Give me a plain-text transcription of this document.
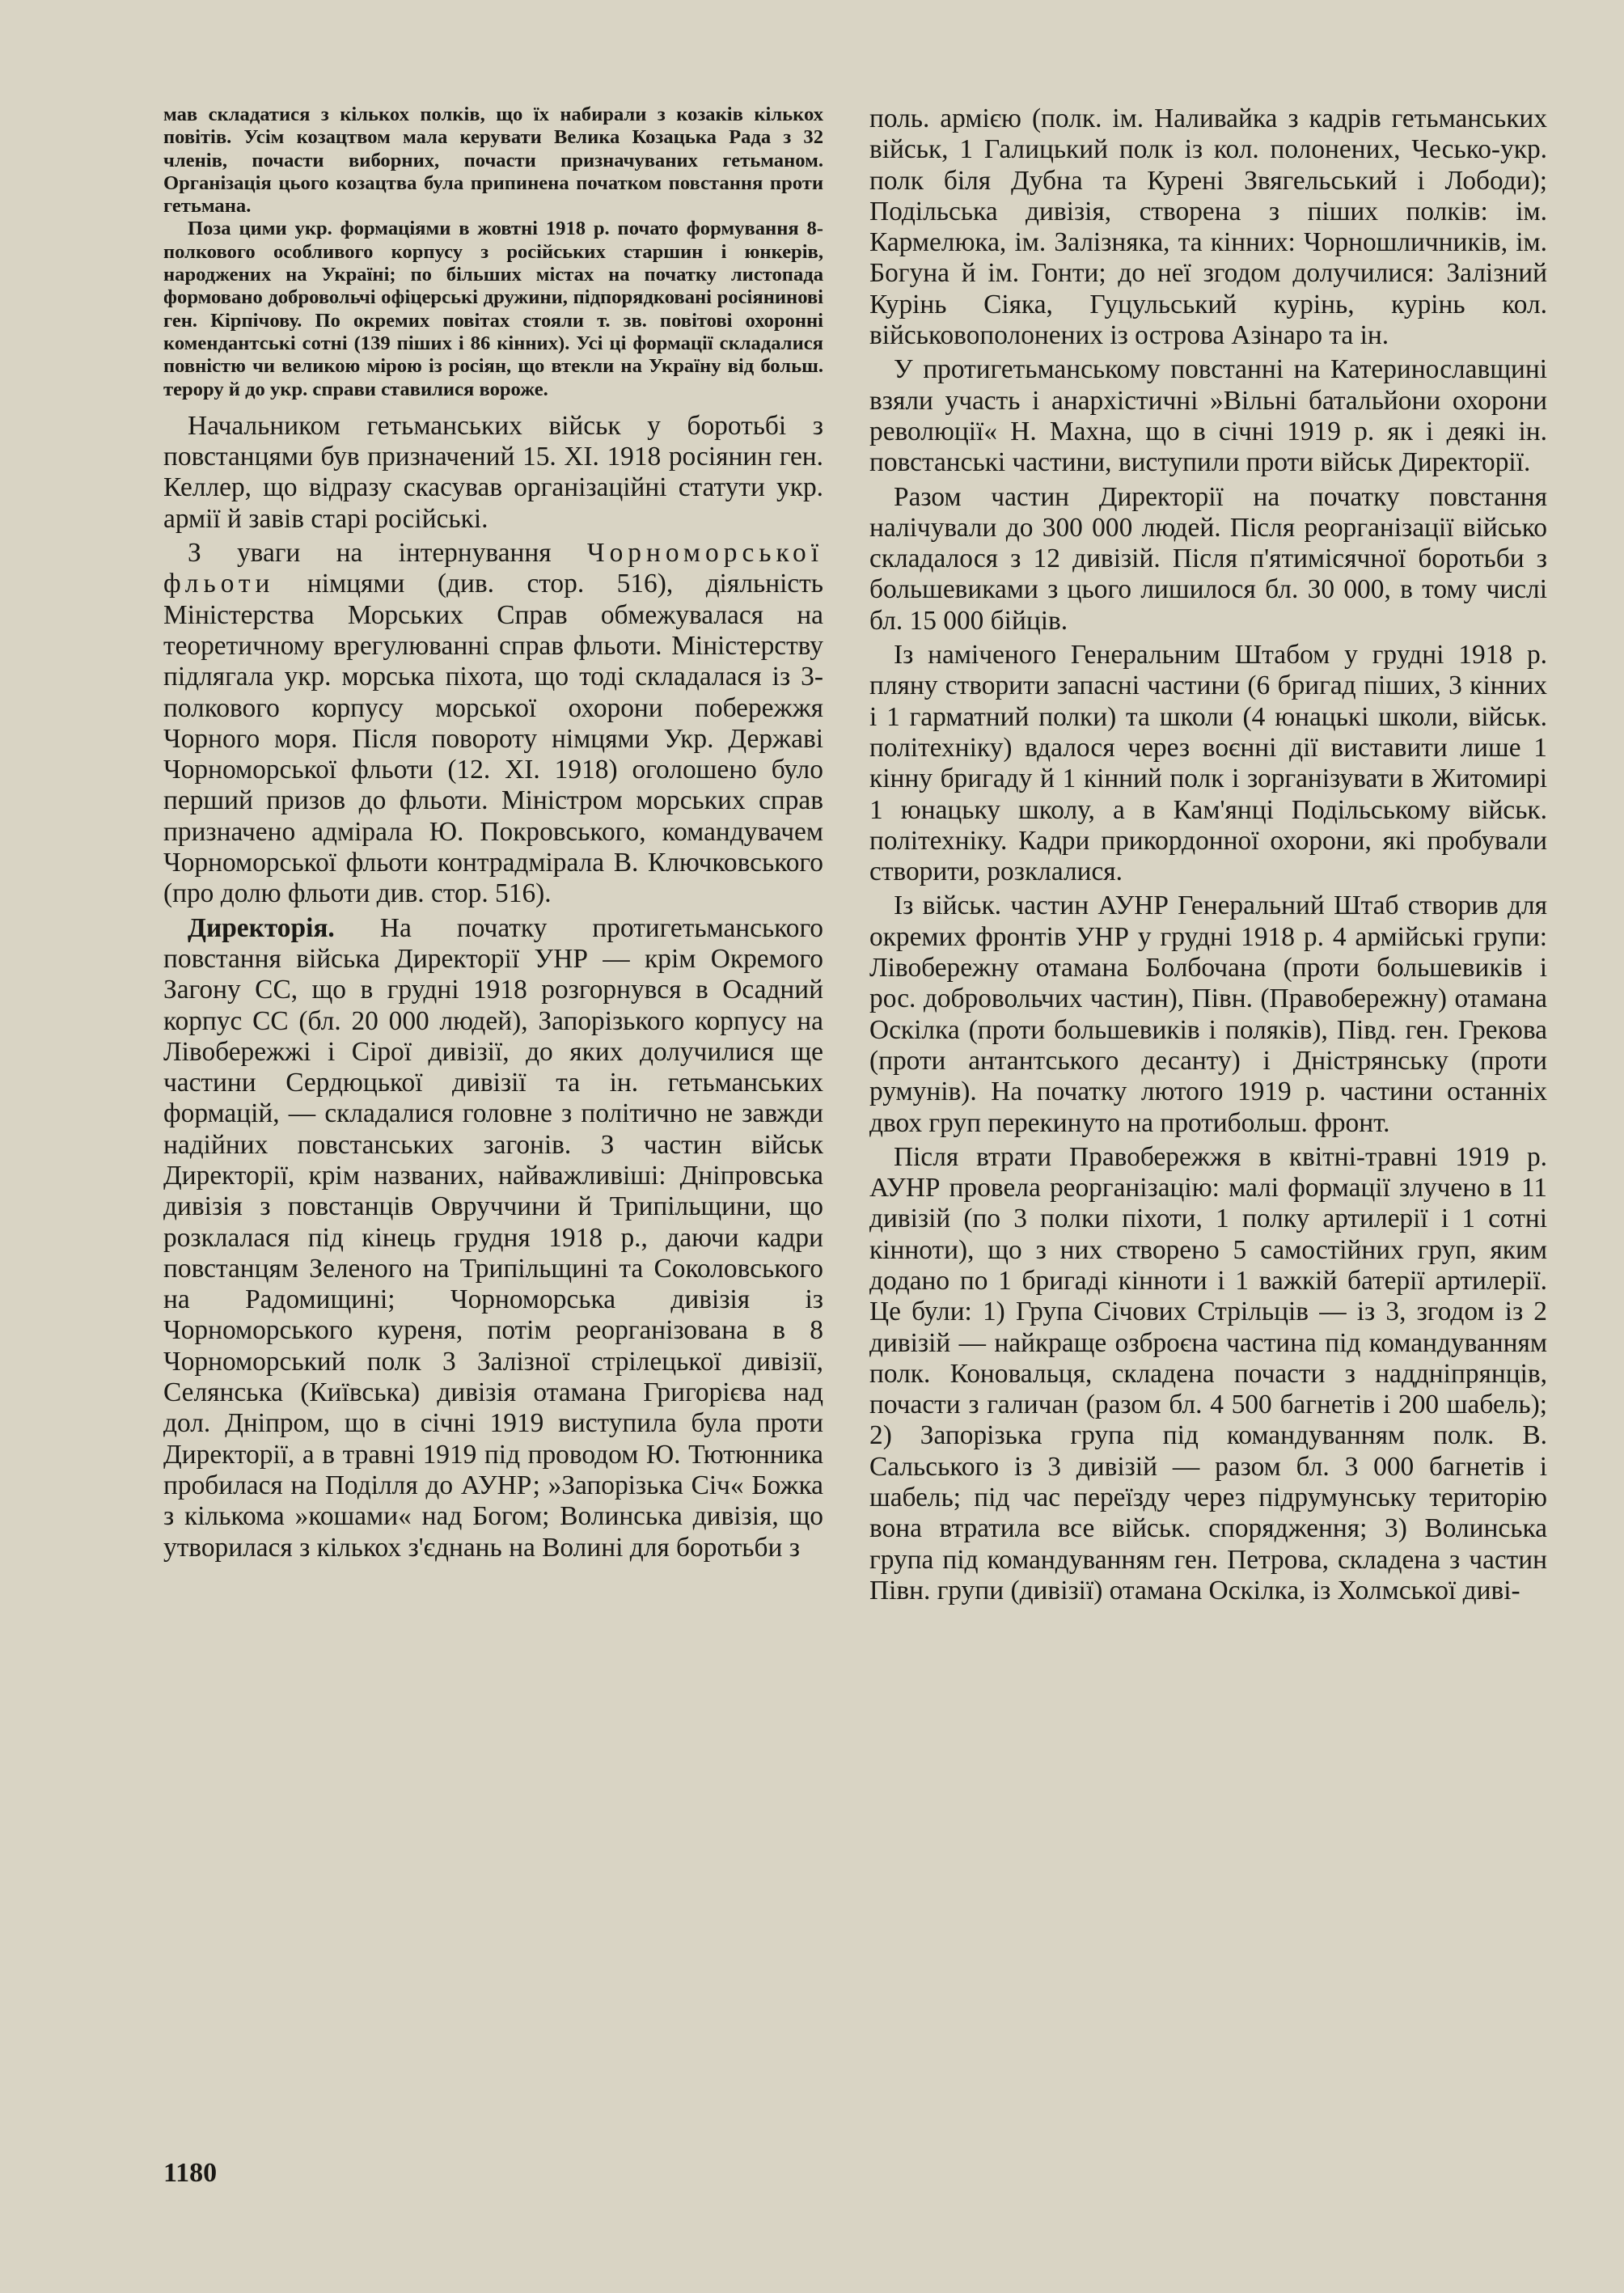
мав складатися з кількох полків, що їх набирали з козаків кількох повітів. Усім козацтвом мала керувати Велика Козацька Рада з 32 членів, почасти виборних, почасти призначуваних гетьманом. Організація цього козацтва була припинена початком повстання проти гетьмана.

Поза цими укр. формаціями в жовтні 1918 р. почато формування 8-полкового особливого корпусу з російських старшин і юнкерів, народжених на Україні; по більших містах на початку листопада формовано добровольчі офіцерські дружини, підпорядковані росіянинові ген. Кірпічову. По окремих повітах стояли т. зв. повітові охоронні комендантські сотні (139 піших і 86 кінних). Усі ці формації складалися повністю чи великою мірою із росіян, що втекли на Україну від больш. терору й до укр. справи ставилися вороже.

Начальником гетьманських військ у боротьбі з повстанцями був призначений 15. XI. 1918 росіянин ген. Келлер, що відразу скасував організаційні статути укр. армії й завів старі російські.

З уваги на інтернування Чорноморської фльоти німцями (див. стор. 516), діяльність Міністерства Морських Справ обмежувалася на теоретичному врегулюванні справ фльоти. Міністерству підлягала укр. морська піхота, що тоді складалася із 3-полкового корпусу морської охорони побережжя Чорного моря. Після повороту німцями Укр. Державі Чорноморської фльоти (12. XI. 1918) оголошено було перший призов до фльоти. Міністром морських справ призначено адмірала Ю. Покровського, командувачем Чорноморської фльоти контрадмірала В. Ключковського (про долю фльоти див. стор. 516).

Директорія. На початку протигетьманського повстання війська Директорії УНР — крім Окремого Загону СС, що в грудні 1918 розгорнувся в Осадний корпус СС (бл. 20 000 людей), Запорізького корпусу на Лівобережжі і Сірої дивізії, до яких долучилися ще частини Сердюцької дивізії та ін. гетьманських формацій, — складалися головне з політично не завжди надійних повстанських загонів. З частин військ Директорії, крім названих, найважливіші: Дніпровська дивізія з повстанців Овруччини й Трипільщини, що розклалася під кінець грудня 1918 р., даючи кадри повстанцям Зеленого на Трипільщині та Соколовського на Радомищині; Чорноморська дивізія із Чорноморського куреня, потім реорганізована в 8 Чорноморський полк 3 Залізної стрілецької дивізії, Селянська (Київська) дивізія отамана Григорієва над дол. Дніпром, що в січні 1919 виступила була проти Директорії, а в травні 1919 під проводом Ю. Тютюнника пробилася на Поділля до АУНР; »Запорізька Січ« Божка з кількома »кошами« над Богом; Волинська дивізія, що утворилася з кількох з'єднань на Волині для боротьби з

поль. армією (полк. ім. Наливайка з кадрів гетьманських військ, 1 Галицький полк із кол. полонених, Чесько-укр. полк біля Дубна та Курені Звягельський і Лободи); Подільська дивізія, створена з піших полків: ім. Кармелюка, ім. Залізняка, та кінних: Чорношличників, ім. Богуна й ім. Гонти; до неї згодом долучилися: Залізний Курінь Сіяка, Гуцульський курінь, курінь кол. військовополонених із острова Азінаро та ін.

У протигетьманському повстанні на Катеринославщині взяли участь і анархістичні »Вільні батальйони охорони революції« Н. Махна, що в січні 1919 р. як і деякі ін. повстанські частини, виступили проти військ Директорії.

Разом частин Директорії на початку повстання налічували до 300 000 людей. Після реорганізації військо складалося з 12 дивізій. Після п'ятимісячної боротьби з большевиками з цього лишилося бл. 30 000, в тому числі бл. 15 000 бійців.

Із наміченого Генеральним Штабом у грудні 1918 р. пляну створити запасні частини (6 бригад піших, 3 кінних і 1 гарматний полки) та школи (4 юнацькі школи, військ. політехніку) вдалося через воєнні дії виставити лише 1 кінну бригаду й 1 кінний полк і зорганізувати в Житомирі 1 юнацьку школу, а в Кам'янці Подільському військ. політехніку. Кадри прикордонної охорони, які пробували створити, розклалися.

Із військ. частин АУНР Генеральний Штаб створив для окремих фронтів УНР у грудні 1918 р. 4 армійські групи: Лівобережну отамана Болбочана (проти большевиків і рос. добровольчих частин), Півн. (Правобережну) отамана Оскілка (проти большевиків і поляків), Півд. ген. Грекова (проти антантського десанту) і Дністрянську (проти румунів). На початку лютого 1919 р. частини останніх двох груп перекинуто на протибольш. фронт.

Після втрати Правобережжя в квітні-травні 1919 р. АУНР провела реорганізацію: малі формації злучено в 11 дивізій (по 3 полки піхоти, 1 полку артилерії і 1 сотні кінноти), що з них створено 5 самостійних груп, яким додано по 1 бригаді кінноти і 1 важкій батерії артилерії. Це були: 1) Група Січових Стрільців — із 3, згодом із 2 дивізій — найкраще озброєна частина під командуванням полк. Коновальця, складена почасти з наддніпрянців, почасти з галичан (разом бл. 4 500 багнетів і 200 шабель); 2) Запорізька група під командуванням полк. В. Сальського із 3 дивізій — разом бл. 3 000 багнетів і шабель; під час переїзду через підрумунську територію вона втратила все військ. спорядження; 3) Волинська група під командуванням ген. Петрова, складена з частин Півн. групи (дивізії) отамана Оскілка, із Холмської диві-

1180
